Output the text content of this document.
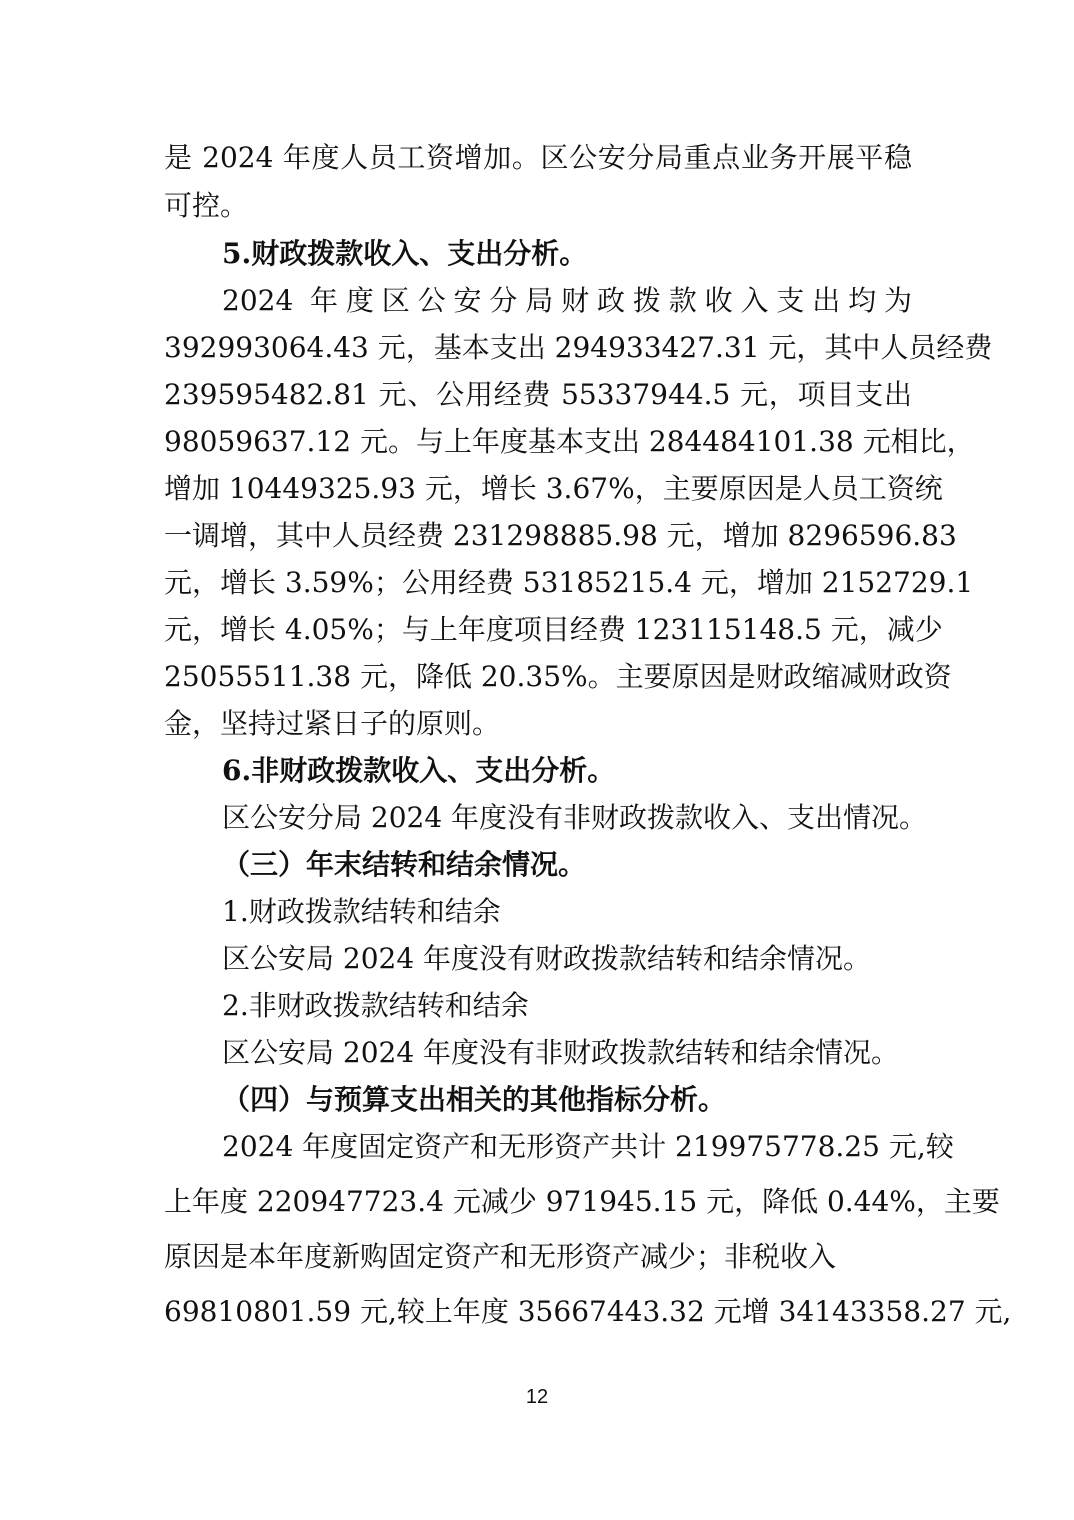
是 2024 年度人员工资增加。区公安分局重点业务开展平稳
可控。
5.财政拨款收入、支出分析。
2024 年度区公安分局财政拨款收入支出均为
392993064.43 元，基本支出 294933427.31 元，其中人员经费
239595482.81 元、公用经费 55337944.5 元，项目支出
98059637.12 元。与上年度基本支出 284484101.38 元相比，
增加 10449325.93 元，增长 3.67%，主要原因是人员工资统
一调增，其中人员经费 231298885.98 元，增加 8296596.83
元，增长 3.59%；公用经费 53185215.4 元，增加 2152729.1
元，增长 4.05%；与上年度项目经费 123115148.5 元，减少
25055511.38 元，降低 20.35%。主要原因是财政缩减财政资
金，坚持过紧日子的原则。
6.非财政拨款收入、支出分析。
区公安分局 2024 年度没有非财政拨款收入、支出情况。
（三）年末结转和结余情况。
1.财政拨款结转和结余
区公安局 2024 年度没有财政拨款结转和结余情况。
2.非财政拨款结转和结余
区公安局 2024 年度没有非财政拨款结转和结余情况。
（四）与预算支出相关的其他指标分析。
2024 年度固定资产和无形资产共计 219975778.25 元,较
上年度 220947723.4 元减少 971945.15 元，降低 0.44%，主要
原因是本年度新购固定资产和无形资产减少；非税收入
69810801.59 元,较上年度 35667443.32 元增 34143358.27 元,
12
